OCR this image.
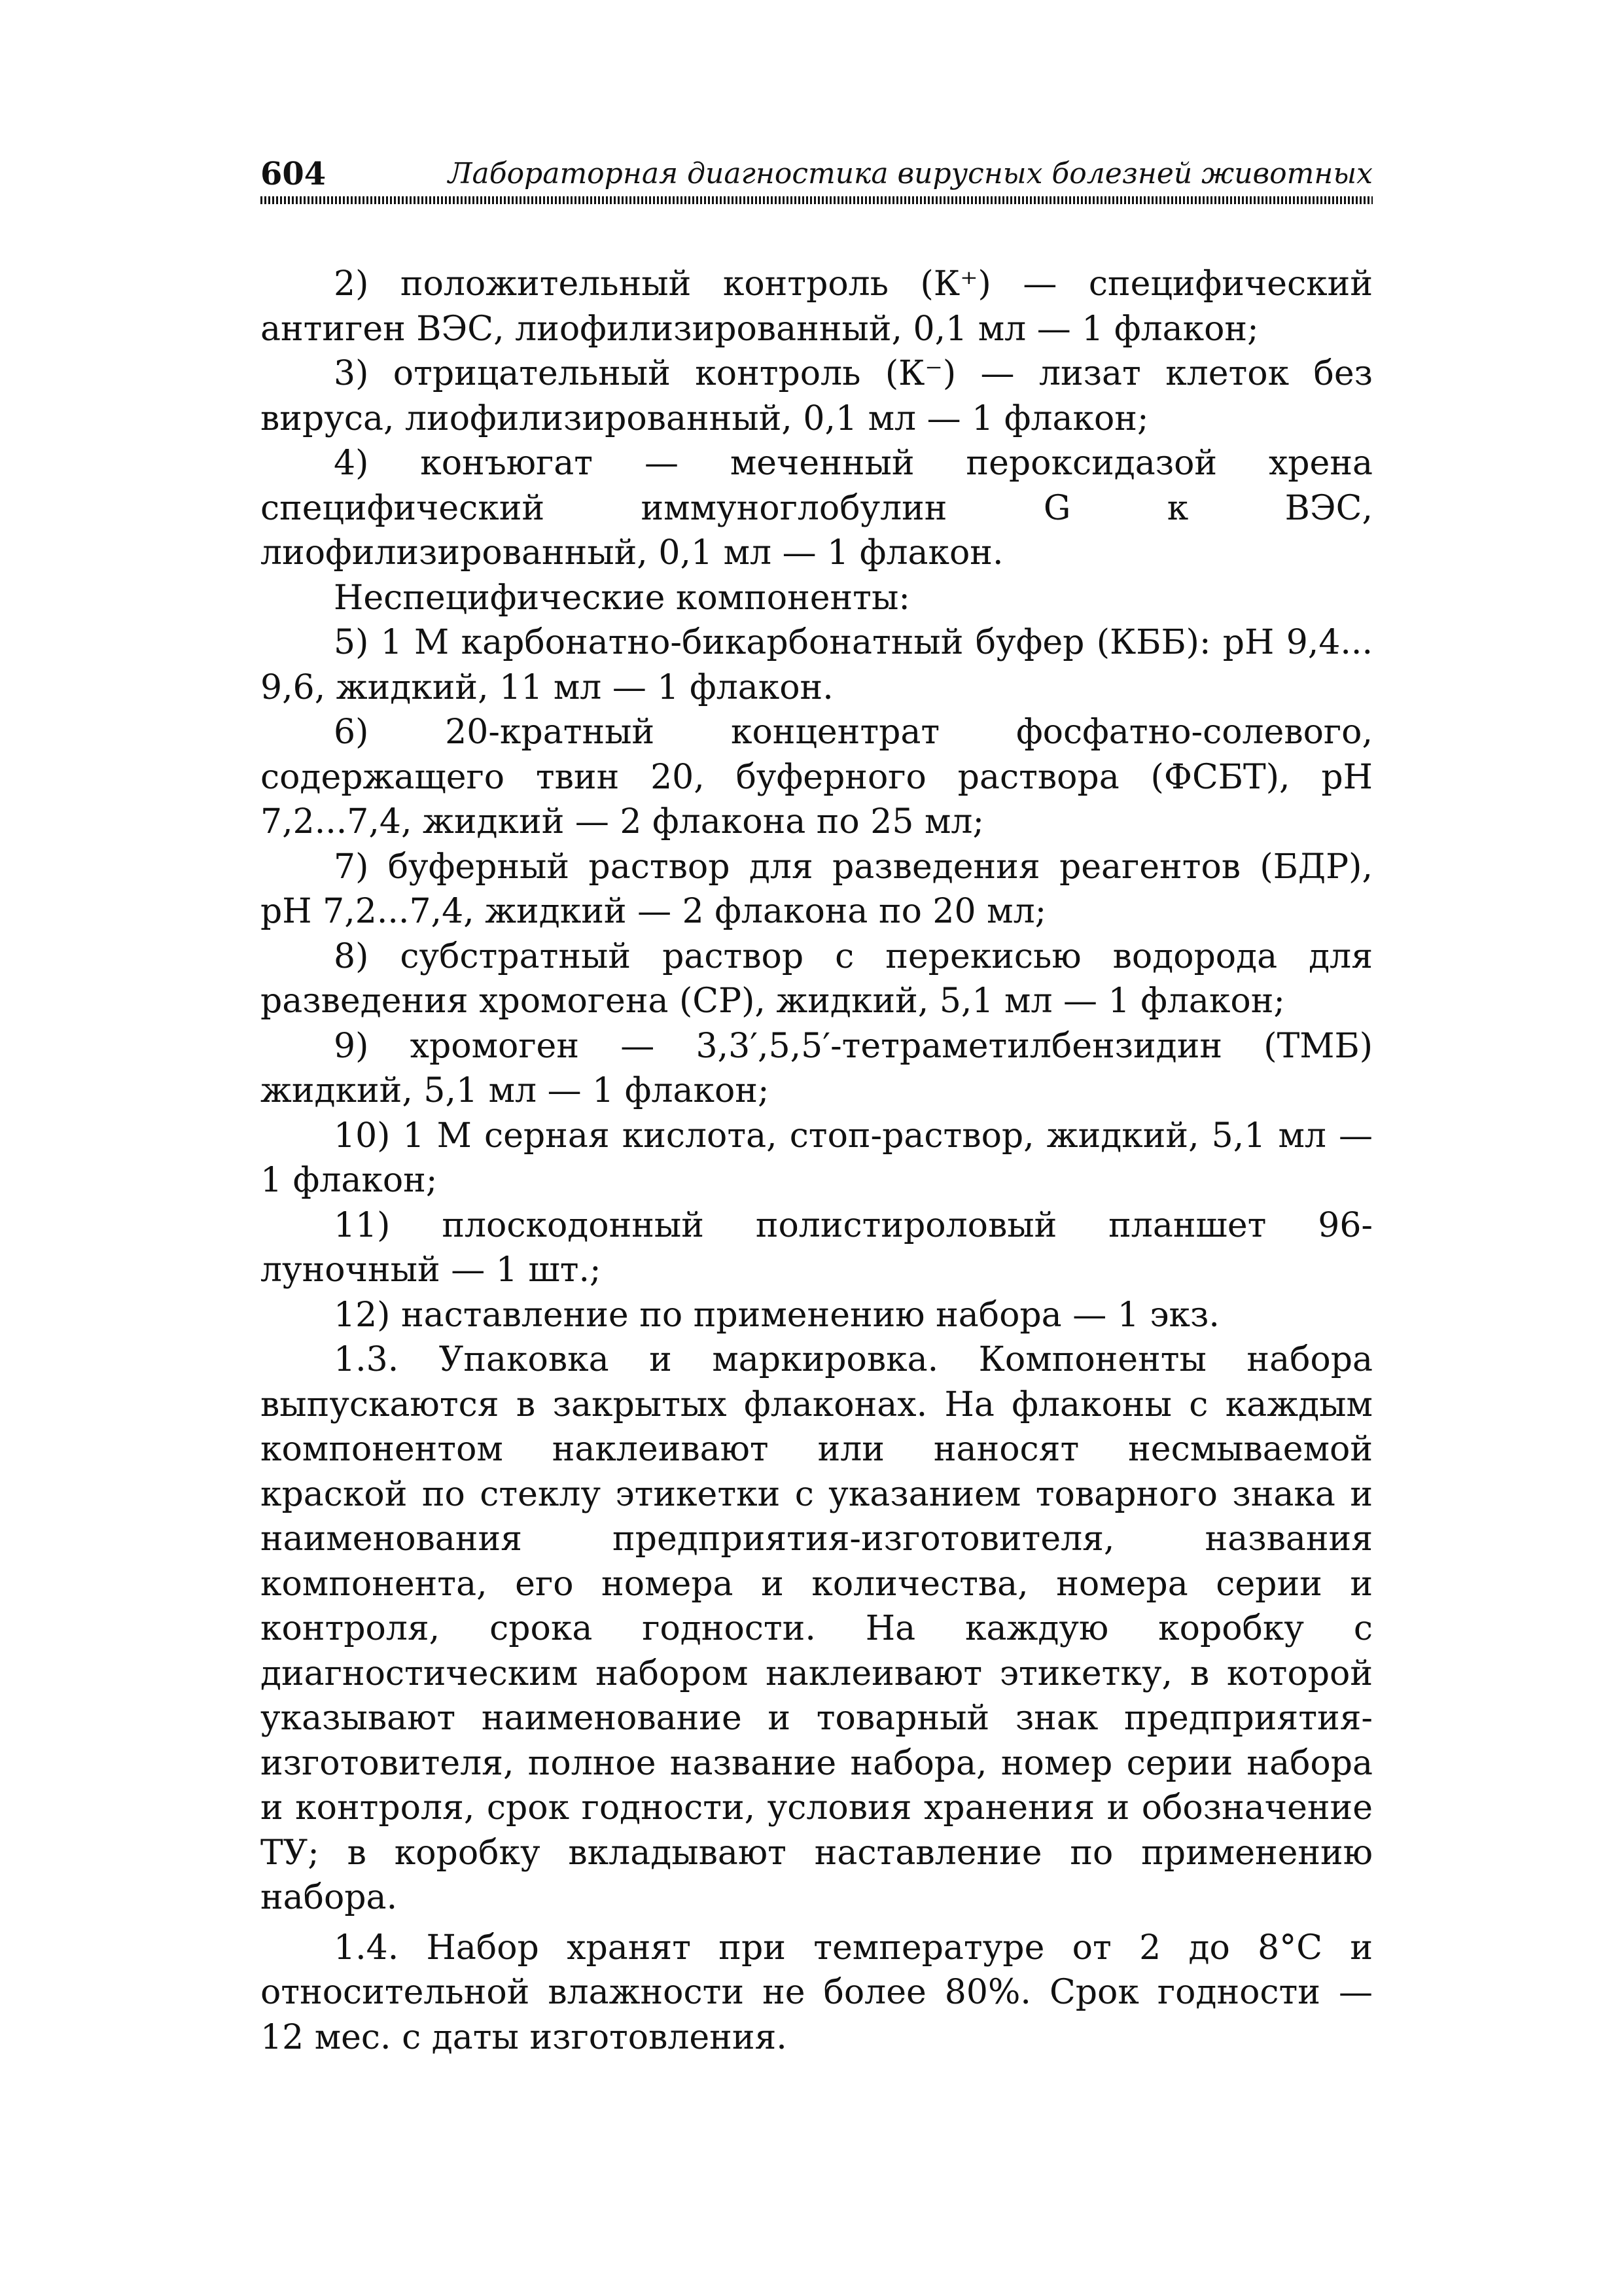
604	Лабораторная диагностика вирусных болезней животных

2) положительный контроль (К⁺) — специфический антиген ВЭС, лиофилизированный, 0,1 мл — 1 флакон;

3) отрицательный контроль (К⁻) — лизат клеток без вируса, лиофилизированный, 0,1 мл — 1 флакон;

4) конъюгат — меченный пероксидазой хрена специфический иммуноглобулин G к ВЭС, лиофилизированный, 0,1 мл — 1 флакон.

Неспецифические компоненты:

5) 1 М карбонатно-бикарбонатный буфер (КББ): рН 9,4... 9,6, жидкий, 11 мл — 1 флакон.

6) 20-кратный концентрат фосфатно-солевого, содержащего твин 20, буферного раствора (ФСБТ), рН 7,2...7,4, жидкий — 2 флакона по 25 мл;

7) буферный раствор для разведения реагентов (БДР), рН 7,2...7,4, жидкий — 2 флакона по 20 мл;

8) субстратный раствор с перекисью водорода для разведения хромогена (СР), жидкий, 5,1 мл — 1 флакон;

9) хромоген — 3,3′,5,5′-тетраметилбензидин (ТМБ) жидкий, 5,1 мл — 1 флакон;

10) 1 М серная кислота, стоп-раствор, жидкий, 5,1 мл — 1 флакон;

11) плоскодонный полистироловый планшет 96-луночный — 1 шт.;

12) наставление по применению набора — 1 экз.

1.3. Упаковка и маркировка. Компоненты набора выпускаются в закрытых флаконах. На флаконы с каждым компонентом наклеивают или наносят несмываемой краской по стеклу этикетки с указанием товарного знака и наименования предприятия-изготовителя, названия компонента, его номера и количества, номера серии и контроля, срока годности. На каждую коробку с диагностическим набором наклеивают этикетку, в которой указывают наименование и товарный знак предприятия-изготовителя, полное название набора, номер серии набора и контроля, срок годности, условия хранения и обозначение ТУ; в коробку вкладывают наставление по применению набора.

1.4. Набор хранят при температуре от 2 до 8°С и относительной влажности не более 80%. Срок годности — 12 мес. с даты изготовления.
